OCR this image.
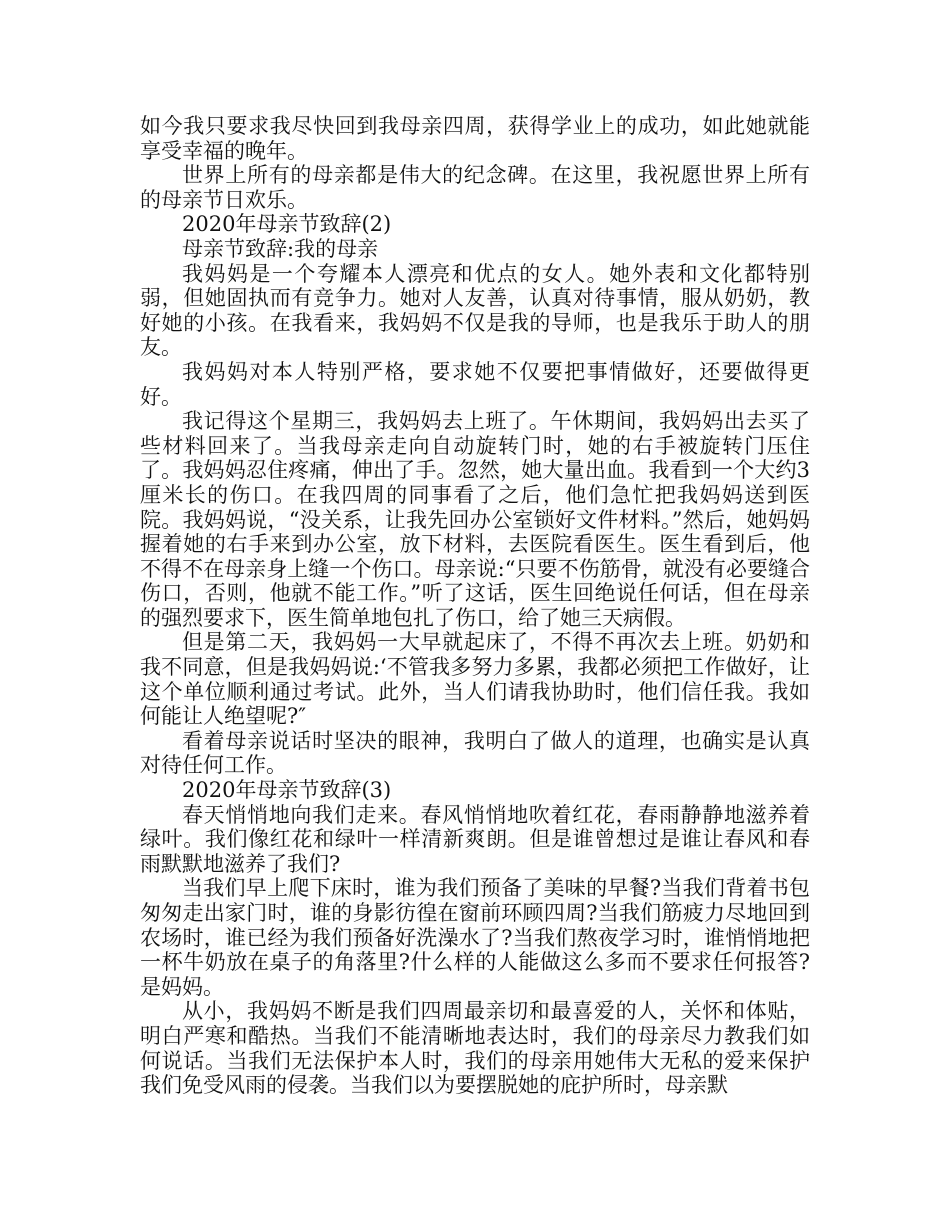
如今我只要求我尽快回到我母亲四周，获得学业上的成功，如此她就能享受幸福的晚年。

世界上所有的母亲都是伟大的纪念碑。在这里，我祝愿世界上所有的母亲节日欢乐。

2020年母亲节致辞(2)

母亲节致辞:我的母亲

我妈妈是一个夸耀本人漂亮和优点的女人。她外表和文化都特别弱，但她固执而有竞争力。她对人友善，认真对待事情，服从奶奶，教好她的小孩。在我看来，我妈妈不仅是我的导师，也是我乐于助人的朋友。

我妈妈对本人特别严格，要求她不仅要把事情做好，还要做得更好。

我记得这个星期三，我妈妈去上班了。午休期间，我妈妈出去买了些材料回来了。当我母亲走向自动旋转门时，她的右手被旋转门压住了。我妈妈忍住疼痛，伸出了手。忽然，她大量出血。我看到一个大约3厘米长的伤口。在我四周的同事看了之后，他们急忙把我妈妈送到医院。我妈妈说，“没关系，让我先回办公室锁好文件材料。”然后，她妈妈握着她的右手来到办公室，放下材料，去医院看医生。医生看到后，他不得不在母亲身上缝一个伤口。母亲说:“只要不伤筋骨，就没有必要缝合伤口，否则，他就不能工作。”听了这话，医生回绝说任何话，但在母亲的强烈要求下，医生简单地包扎了伤口，给了她三天病假。

但是第二天，我妈妈一大早就起床了，不得不再次去上班。奶奶和我不同意，但是我妈妈说:‘不管我多努力多累，我都必须把工作做好，让这个单位顺利通过考试。此外，当人们请我协助时，他们信任我。我如何能让人绝望呢?″

看着母亲说话时坚决的眼神，我明白了做人的道理，也确实是认真对待任何工作。

2020年母亲节致辞(3)

春天悄悄地向我们走来。春风悄悄地吹着红花，春雨静静地滋养着绿叶。我们像红花和绿叶一样清新爽朗。但是谁曾想过是谁让春风和春雨默默地滋养了我们?

当我们早上爬下床时，谁为我们预备了美味的早餐?当我们背着书包匆匆走出家门时，谁的身影彷徨在窗前环顾四周?当我们筋疲力尽地回到农场时，谁已经为我们预备好洗澡水了?当我们熬夜学习时，谁悄悄地把一杯牛奶放在桌子的角落里?什么样的人能做这么多而不要求任何报答?是妈妈。

从小，我妈妈不断是我们四周最亲切和最喜爱的人，关怀和体贴，明白严寒和酷热。当我们不能清晰地表达时，我们的母亲尽力教我们如何说话。当我们无法保护本人时，我们的母亲用她伟大无私的爱来保护我们免受风雨的侵袭。当我们以为要摆脱她的庇护所时，母亲默
